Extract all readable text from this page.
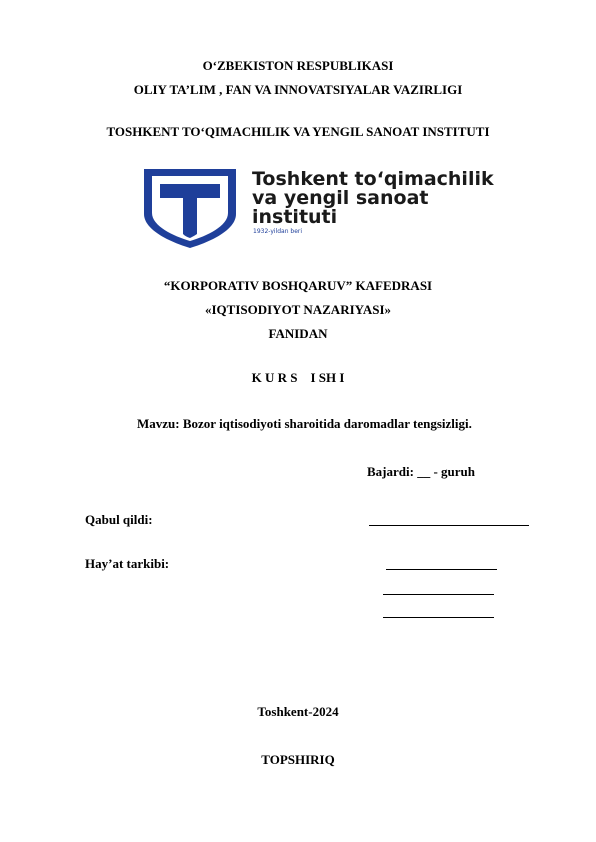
O‘ZBEKISTON RESPUBLIKASI
OLIY TA’LIM , FAN VA INNOVATSIYALAR VAZIRLIGI
TOSHKENT TO‘QIMACHILIK VA YENGIL SANOAT INSTITUTI
Toshkent to‘qimachilik
va yengil sanoat
instituti
1932-yildan beri
“KORPORATIV BOSHQARUV” KAFEDRASI
«IQTISODIYOT NAZARIYASI»
FANIDAN
K U R S    I SH I
Mavzu: Bozor iqtisodiyoti sharoitida daromadlar tengsizligi.
Bajardi: __ - guruh
Qabul qildi:
Hay’at tarkibi:
Toshkent-2024
TOPSHIRIQ
